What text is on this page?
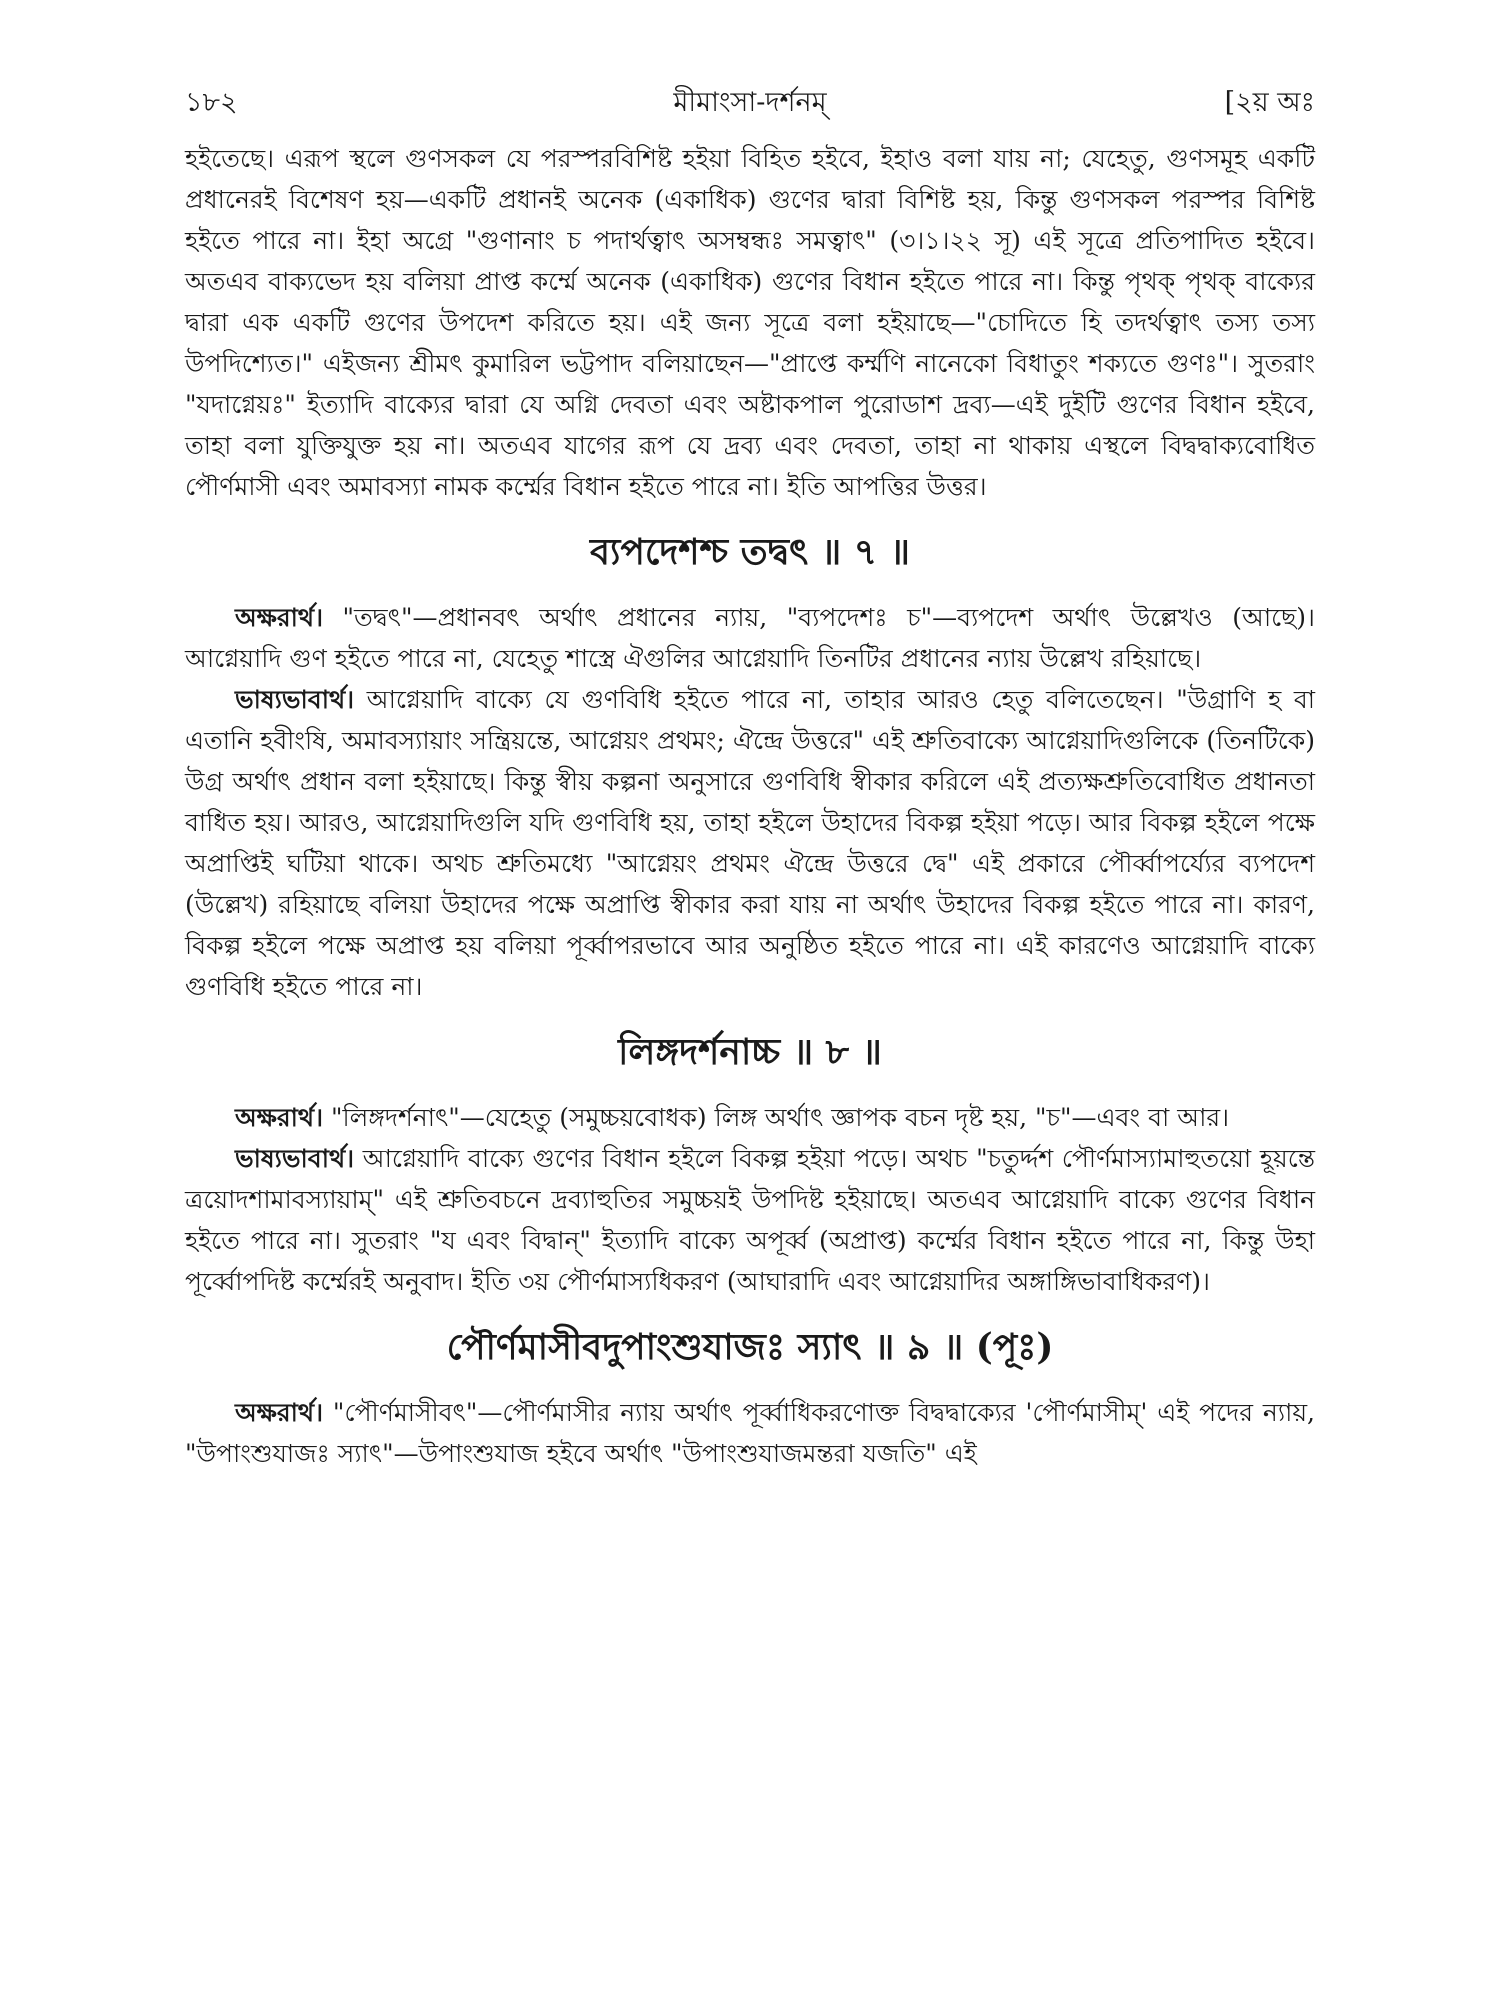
১৮২	মীমাংসা-দর্শনম্	[২য় অঃ

হইতেছে। এরূপ স্থলে গুণসকল যে পরস্পরবিশিষ্ট হইয়া বিহিত হইবে, ইহাও বলা যায় না; যেহেতু, গুণসমূহ একটি প্রধানেরই বিশেষণ হয়—একটি প্রধানই অনেক (একাধিক) গুণের দ্বারা বিশিষ্ট হয়, কিন্তু গুণসকল পরস্পর বিশিষ্ট হইতে পারে না। ইহা অগ্রে "গুণানাং চ পদার্থত্বাৎ অসম্বন্ধঃ সমত্বাৎ" (৩।১।২২ সূ) এই সূত্রে প্রতিপাদিত হইবে। অতএব বাক্যভেদ হয় বলিয়া প্রাপ্ত কর্ম্মে অনেক (একাধিক) গুণের বিধান হইতে পারে না। কিন্তু পৃথক্ পৃথক্ বাক্যের দ্বারা এক একটি গুণের উপদেশ করিতে হয়। এই জন্য সূত্রে বলা হইয়াছে—"চোদিতে হি তদর্থত্বাৎ তস্য তস্য উপদিশ্যেত।" এইজন্য শ্রীমৎ কুমারিল ভট্টপাদ বলিয়াছেন—"প্রাপ্তে কর্ম্মণি নানেকো বিধাতুং শক্যতে গুণঃ"। সুতরাং "যদাগ্নেয়ঃ" ইত্যাদি বাক্যের দ্বারা যে অগ্নি দেবতা এবং অষ্টাকপাল পুরোডাশ দ্রব্য—এই দুইটি গুণের বিধান হইবে, তাহা বলা যুক্তিযুক্ত হয় না। অতএব যাগের রূপ যে দ্রব্য এবং দেবতা, তাহা না থাকায় এস্থলে বিদ্বদ্বাক্যবোধিত পৌর্ণমাসী এবং অমাবস্যা নামক কর্ম্মের বিধান হইতে পারে না। ইতি আপত্তির উত্তর।

ব্যপদেশশ্চ তদ্বৎ ॥ ৭ ॥

অক্ষরার্থ। "তদ্বৎ"—প্রধানবৎ অর্থাৎ প্রধানের ন্যায়, "ব্যপদেশঃ চ"—ব্যপদেশ অর্থাৎ উল্লেখও (আছে)। আগ্নেয়াদি গুণ হইতে পারে না, যেহেতু শাস্ত্রে ঐগুলির আগ্নেয়াদি তিনটির প্রধানের ন্যায় উল্লেখ রহিয়াছে।

ভাষ্যভাবার্থ। আগ্নেয়াদি বাক্যে যে গুণবিধি হইতে পারে না, তাহার আরও হেতু বলিতেছেন। "উগ্রাণি হ বা এতানি হবীংষি, অমাবস্যায়াং সন্ত্রিয়ন্তে, আগ্নেয়ং প্রথমং; ঐন্দ্রে উত্তরে" এই শ্রুতিবাক্যে আগ্নেয়াদিগুলিকে (তিনটিকে) উগ্র অর্থাৎ প্রধান বলা হইয়াছে। কিন্তু স্বীয় কল্পনা অনুসারে গুণবিধি স্বীকার করিলে এই প্রত্যক্ষশ্রুতিবোধিত প্রধানতা বাধিত হয়। আরও, আগ্নেয়াদিগুলি যদি গুণবিধি হয়, তাহা হইলে উহাদের বিকল্প হইয়া পড়ে। আর বিকল্প হইলে পক্ষে অপ্রাপ্তিই ঘটিয়া থাকে। অথচ শ্রুতিমধ্যে "আগ্নেয়ং প্রথমং ঐন্দ্রে উত্তরে দ্বে" এই প্রকারে পৌর্ব্বাপর্য্যের ব্যপদেশ (উল্লেখ) রহিয়াছে বলিয়া উহাদের পক্ষে অপ্রাপ্তি স্বীকার করা যায় না অর্থাৎ উহাদের বিকল্প হইতে পারে না। কারণ, বিকল্প হইলে পক্ষে অপ্রাপ্ত হয় বলিয়া পূর্ব্বাপরভাবে আর অনুষ্ঠিত হইতে পারে না। এই কারণেও আগ্নেয়াদি বাক্যে গুণবিধি হইতে পারে না।

লিঙ্গদর্শনাচ্চ ॥ ৮ ॥

অক্ষরার্থ। "লিঙ্গদর্শনাৎ"—যেহেতু (সমুচ্চয়বোধক) লিঙ্গ অর্থাৎ জ্ঞাপক বচন দৃষ্ট হয়, "চ"—এবং বা আর।

ভাষ্যভাবার্থ। আগ্নেয়াদি বাক্যে গুণের বিধান হইলে বিকল্প হইয়া পড়ে। অথচ "চতুর্দ্দশ পৌর্ণমাস্যামাহুতয়ো হূয়ন্তে ত্রয়োদশামাবস্যায়াম্" এই শ্রুতিবচনে দ্রব্যাহুতির সমুচ্চয়ই উপদিষ্ট হইয়াছে। অতএব আগ্নেয়াদি বাক্যে গুণের বিধান হইতে পারে না। সুতরাং "য এবং বিদ্বান্" ইত্যাদি বাক্যে অপূর্ব্ব (অপ্রাপ্ত) কর্ম্মের বিধান হইতে পারে না, কিন্তু উহা পূর্ব্বোপদিষ্ট কর্ম্মেরই অনুবাদ। ইতি ৩য় পৌর্ণমাস্যধিকরণ (আঘারাদি এবং আগ্নেয়াদির অঙ্গাঙ্গিভাবাধিকরণ)।

পৌর্ণমাসীবদুপাংশুযাজঃ স্যাৎ ॥ ৯ ॥ (পূঃ)

অক্ষরার্থ। "পৌর্ণমাসীবৎ"—পৌর্ণমাসীর ন্যায় অর্থাৎ পূর্ব্বাধিকরণোক্ত বিদ্বদ্বাক্যের 'পৌর্ণমাসীম্' এই পদের ন্যায়, "উপাংশুযাজঃ স্যাৎ"—উপাংশুযাজ হইবে অর্থাৎ "উপাংশুযাজমন্তরা যজতি" এই
